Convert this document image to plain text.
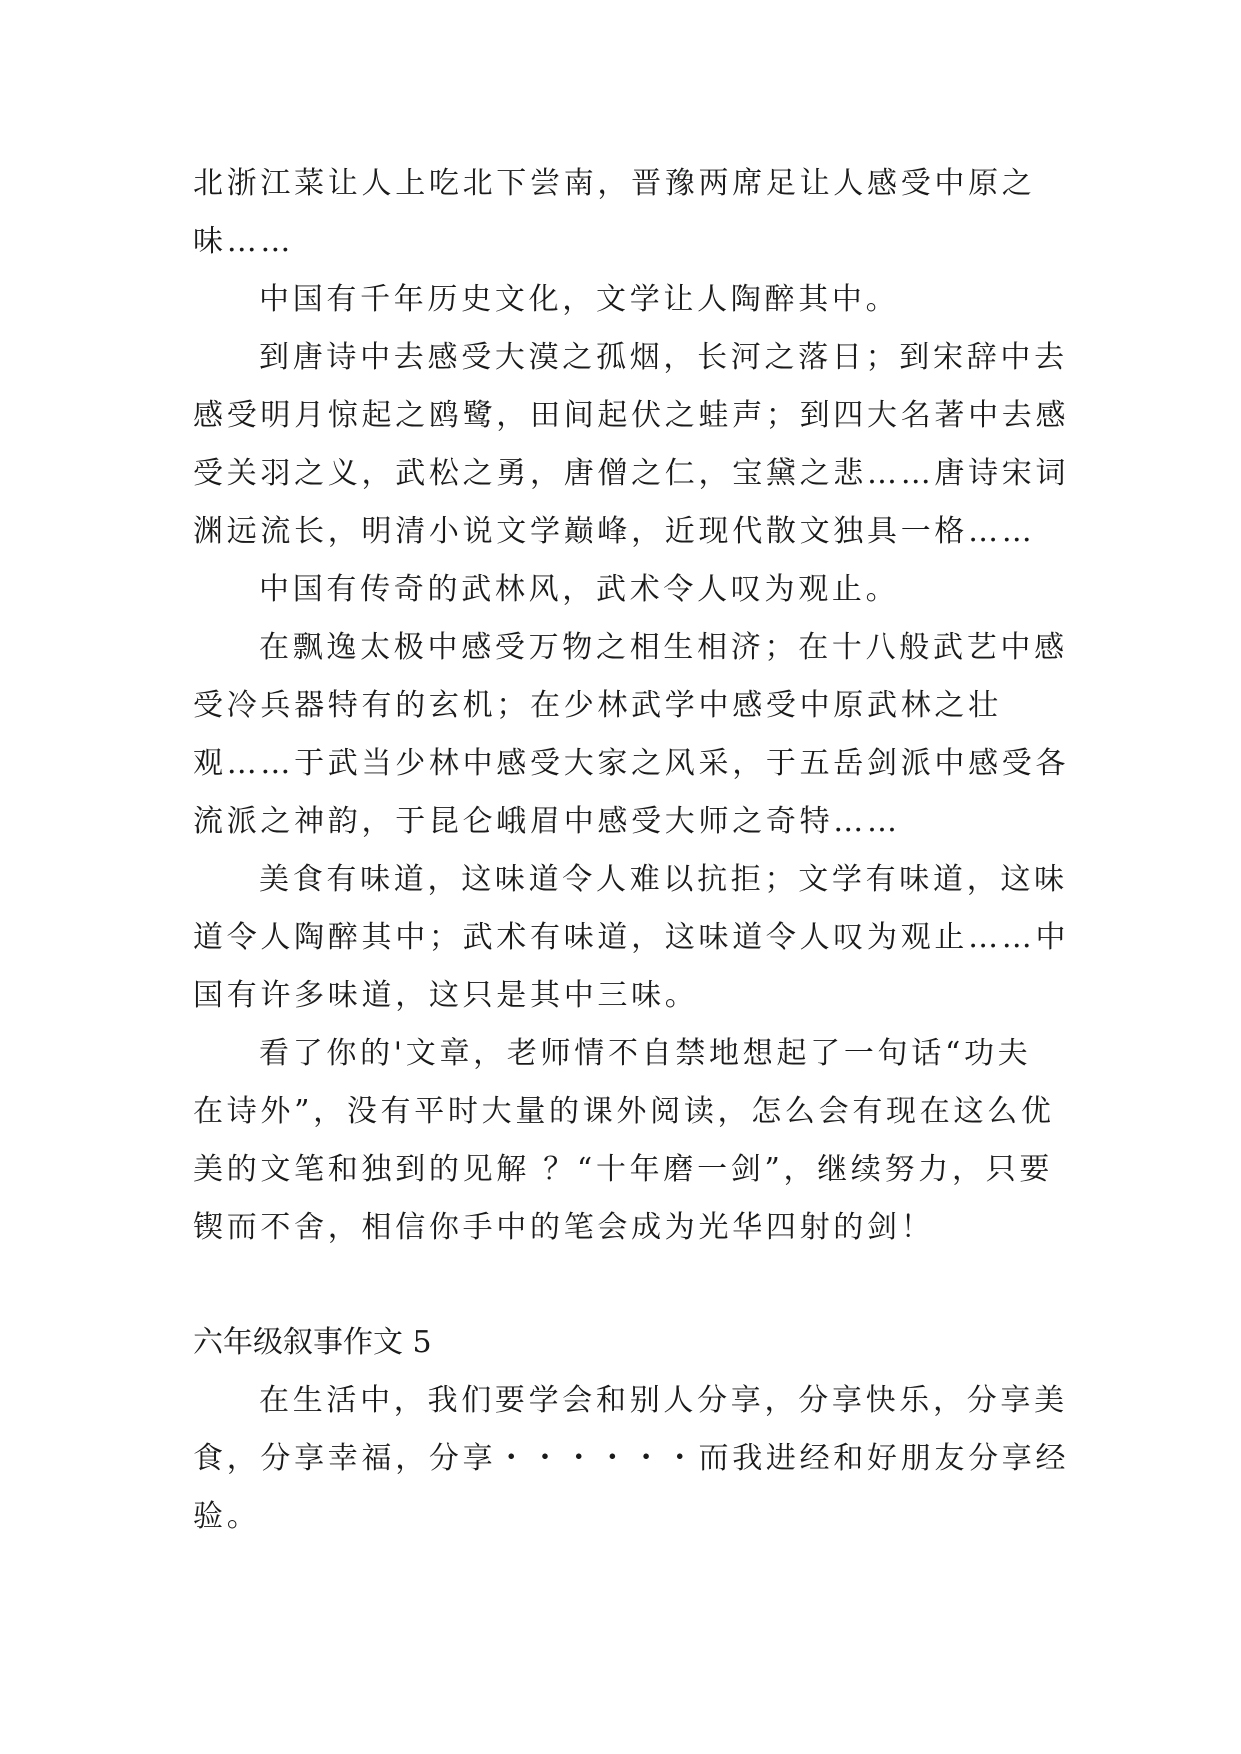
北浙江菜让人上吃北下尝南，晋豫两席足让人感受中原之
味……
中国有千年历史文化，文学让人陶醉其中。
到唐诗中去感受大漠之孤烟，长河之落日；到宋辞中去
感受明月惊起之鸥鹭，田间起伏之蛙声；到四大名著中去感
受关羽之义，武松之勇，唐僧之仁，宝黛之悲……唐诗宋词
渊远流长，明清小说文学巅峰，近现代散文独具一格……
中国有传奇的武林风，武术令人叹为观止。
在飘逸太极中感受万物之相生相济；在十八般武艺中感
受冷兵器特有的玄机；在少林武学中感受中原武林之壮
观……于武当少林中感受大家之风采，于五岳剑派中感受各
流派之神韵，于昆仑峨眉中感受大师之奇特……
美食有味道，这味道令人难以抗拒；文学有味道，这味
道令人陶醉其中；武术有味道，这味道令人叹为观止……中
国有许多味道，这只是其中三味。
看了你的'文章，老师情不自禁地想起了一句话“功夫
在诗外”，没有平时大量的课外阅读，怎么会有现在这么优
美的文笔和独到的见解 ？“十年磨一剑”，继续努力，只要
锲而不舍，相信你手中的笔会成为光华四射的剑！
六年级叙事作文 5
在生活中，我们要学会和别人分享，分享快乐，分享美
食，分享幸福，分享・・・・・・而我进经和好朋友分享经
验。
